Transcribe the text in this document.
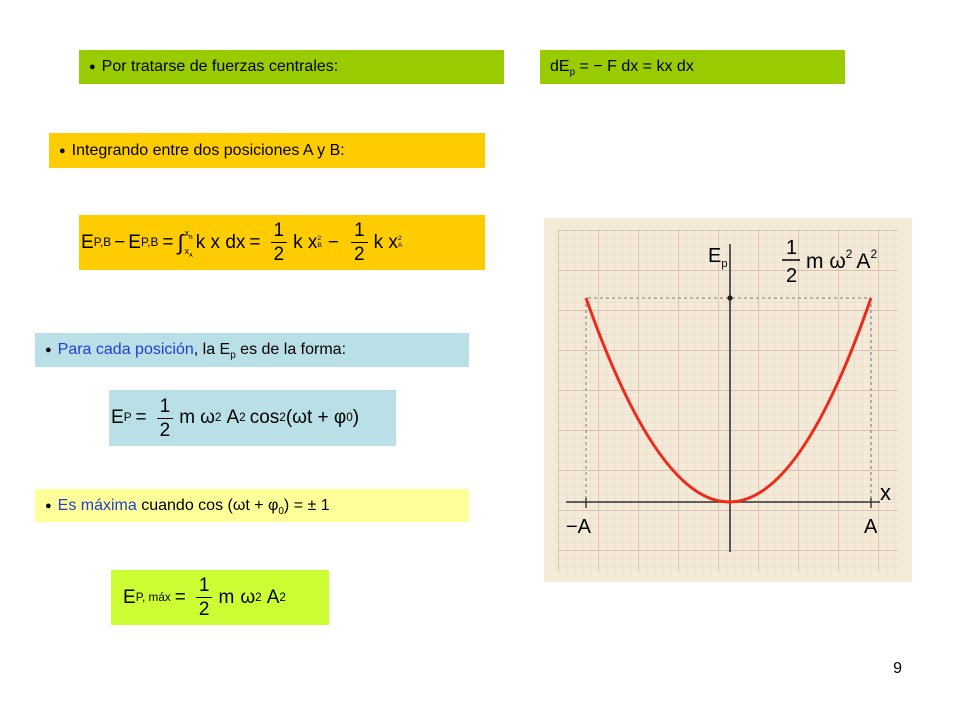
● Por tratarse de fuerzas centrales:	$dE_p$ = − F dx = kx dx
● Integrando entre dos posiciones A y B:
E P,B − E P,B = ∫ $x_B$
$x_A$
k x dx = $\frac{1}{2}$ k x 2
$B - \frac{1}{2}$ k x 2
A
● Para cada posición, la $E_p$ es de la forma:
E $P = \frac{1}{2}$ m ω 2 A 2 cos 2 ( ωt + φ 0 )
● Es máxima cuando $\cos (\omega t + \varphi_0)$ = ± 1
E P, máx = $\frac{1}{2}$ m ω 2 A 2
$E_p$
x
−A	A
1
2
m $\omega^2$ $A^2$
9
